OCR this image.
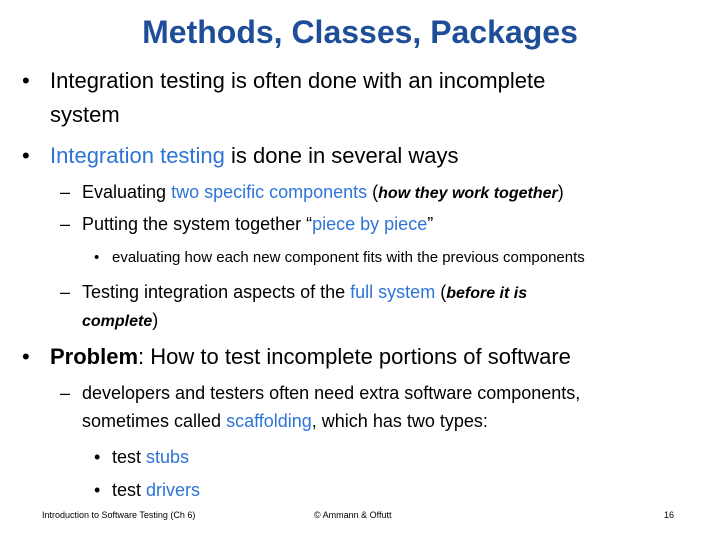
Methods, Classes, Packages
• Integration testing is often done with an incomplete
system
• Integration testing is done in several ways
– Evaluating two specific components (how they work together)
– Putting the system together “piece by piece”
• evaluating how each new component fits with the previous components
– Testing integration aspects of the full system (before it is
complete)
• Problem: How to test incomplete portions of software
– developers and testers often need extra software components,
sometimes called scaffolding, which has two types:
• test stubs
• test drivers
Introduction to Software Testing (Ch 6)	© Ammann & Offutt	16
